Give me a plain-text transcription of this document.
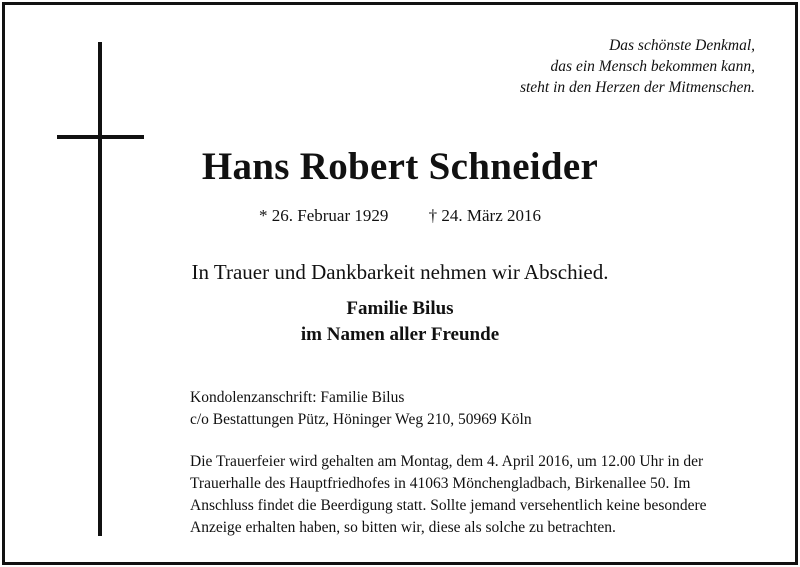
Das schönste Denkmal,
das ein Mensch bekommen kann,
steht in den Herzen der Mitmenschen.
Hans Robert Schneider
* 26. Februar 1929 † 24. März 2016
In Trauer und Dankbarkeit nehmen wir Abschied.
Familie Bilus
im Namen aller Freunde
Kondolenzanschrift: Familie Bilus
c/o Bestattungen Pütz, Höninger Weg 210, 50969 Köln
Die Trauerfeier wird gehalten am Montag, dem 4. April 2016, um 12.00 Uhr in der
Trauerhalle des Hauptfriedhofes in 41063 Mönchengladbach, Birkenallee 50. Im
Anschluss findet die Beerdigung statt. Sollte jemand versehentlich keine besondere
Anzeige erhalten haben, so bitten wir, diese als solche zu betrachten.
